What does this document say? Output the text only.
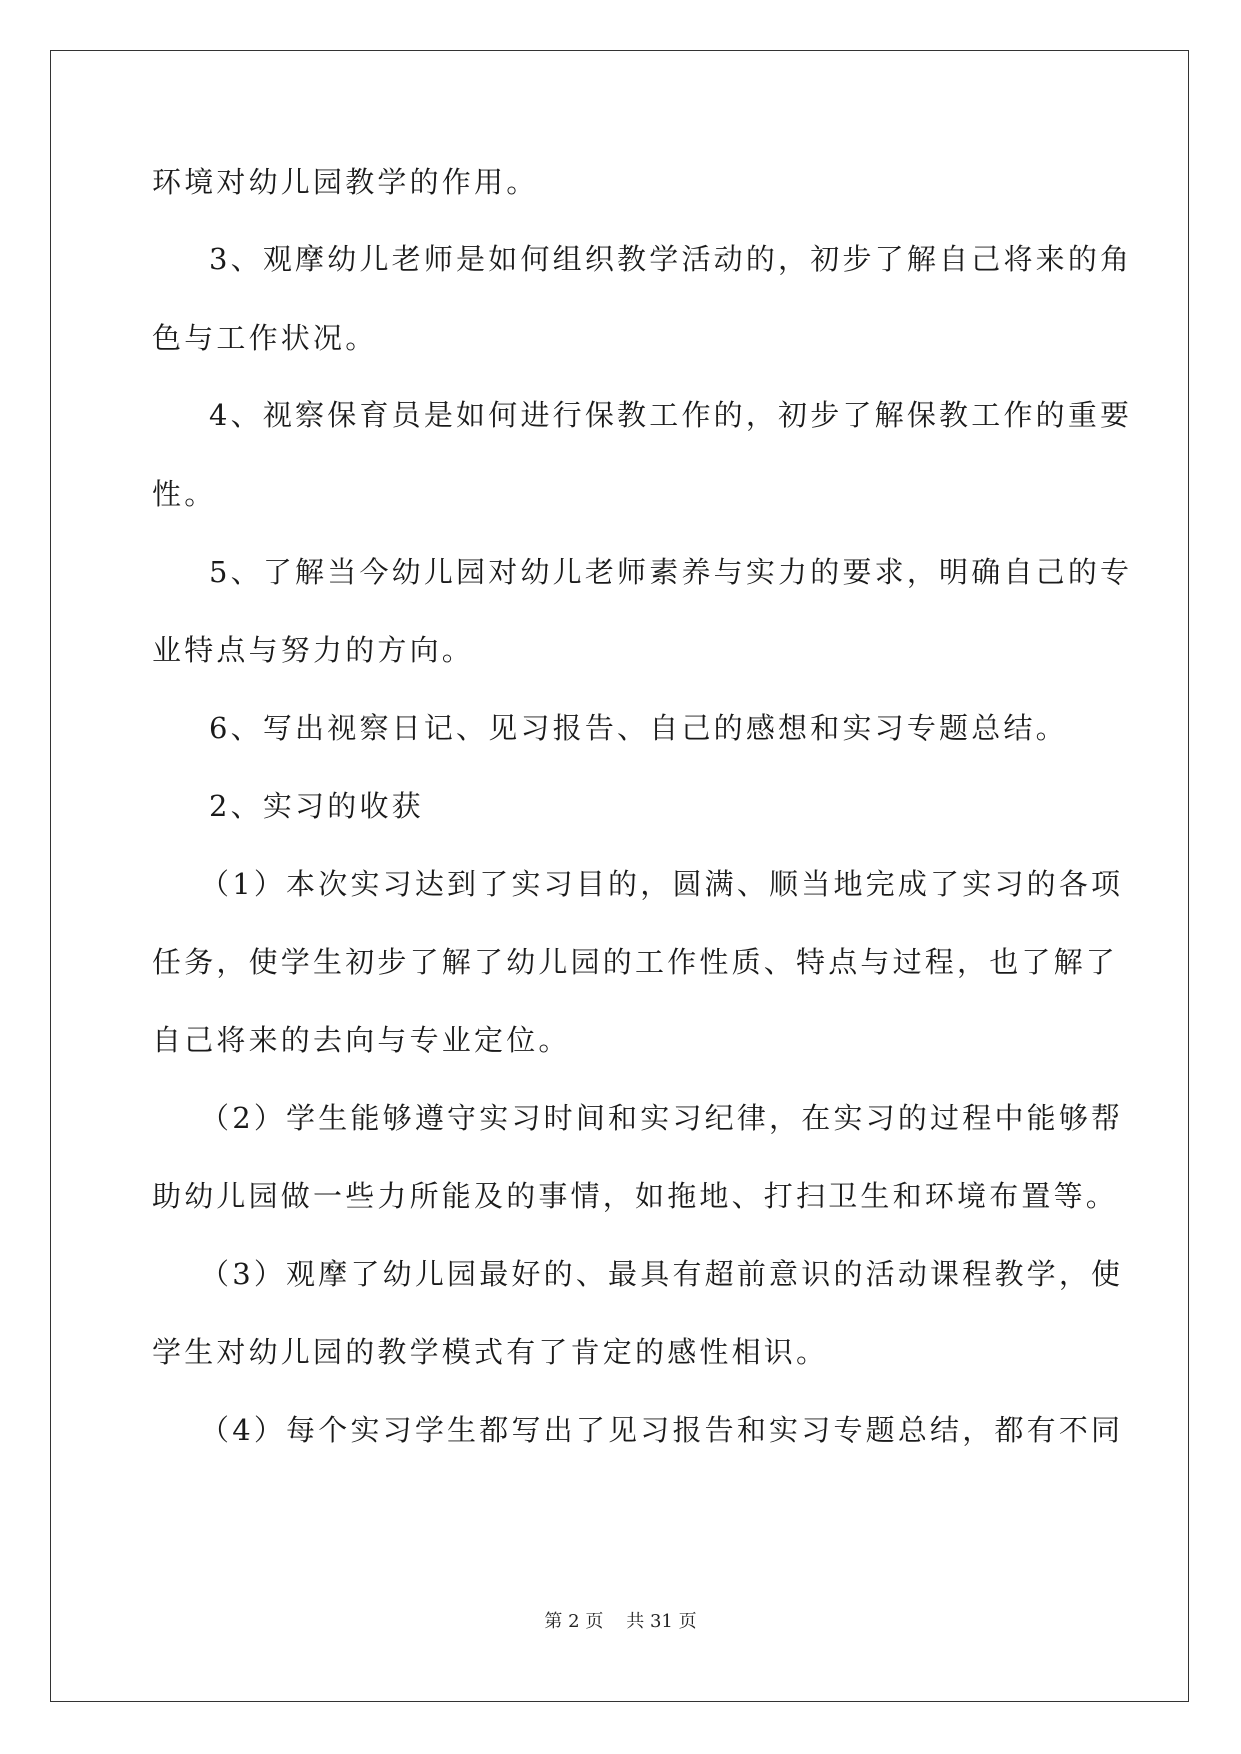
环境对幼儿园教学的作用。
3、观摩幼儿老师是如何组织教学活动的，初步了解自己将来的角
色与工作状况。
4、视察保育员是如何进行保教工作的，初步了解保教工作的重要
性。
5、了解当今幼儿园对幼儿老师素养与实力的要求，明确自己的专
业特点与努力的方向。
6、写出视察日记、见习报告、自己的感想和实习专题总结。
2、实习的收获
（1）本次实习达到了实习目的，圆满、顺当地完成了实习的各项
任务，使学生初步了解了幼儿园的工作性质、特点与过程，也了解了
自己将来的去向与专业定位。
（2）学生能够遵守实习时间和实习纪律，在实习的过程中能够帮
助幼儿园做一些力所能及的事情，如拖地、打扫卫生和环境布置等。
（3）观摩了幼儿园最好的、最具有超前意识的活动课程教学，使
学生对幼儿园的教学模式有了肯定的感性相识。
（4）每个实习学生都写出了见习报告和实习专题总结，都有不同
第 2 页 共 31 页
